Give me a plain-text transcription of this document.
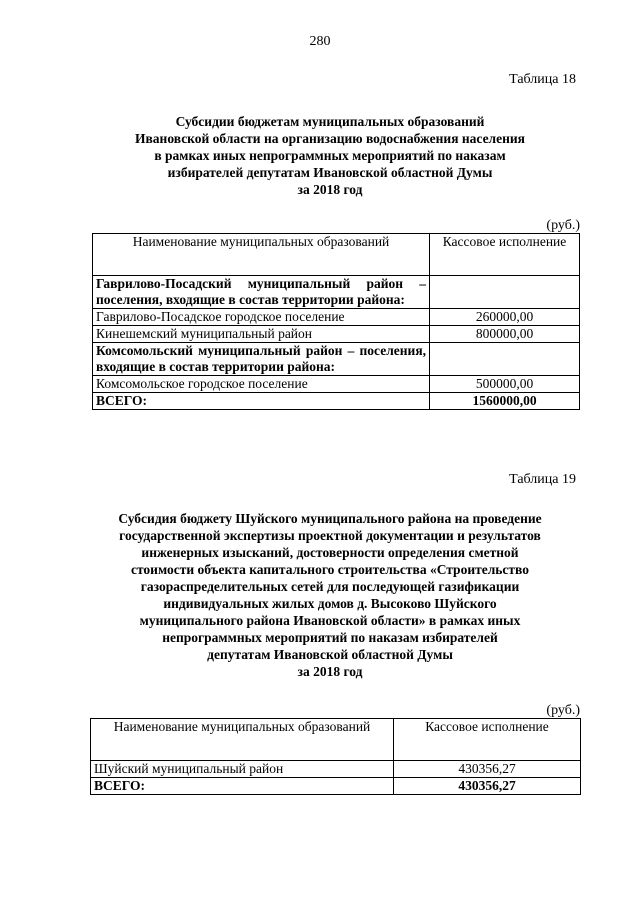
280
Таблица 18
Субсидии бюджетам муниципальных образований
Ивановской области на организацию водоснабжения населения
в рамках иных непрограммных мероприятий по наказам
избирателей депутатам Ивановской областной Думы
за 2018 год
(руб.)
Наименование муниципальных образований	Кассовое исполнение
Гаврилово-Посадский муниципальный район – поселения, входящие в состав территории района:	
Гаврилово-Посадское городское поселение	260000,00
Кинешемский муниципальный район	800000,00
Комсомольский муниципальный район – поселения, входящие в состав территории района:	
Комсомольское городское поселение	500000,00
ВСЕГО:	1560000,00
Таблица 19
Субсидия бюджету Шуйского муниципального района на проведение
государственной экспертизы проектной документации и результатов
инженерных изысканий, достоверности определения сметной
стоимости объекта капитального строительства «Строительство
газораспределительных сетей для последующей газификации
индивидуальных жилых домов д. Высоково Шуйского
муниципального района Ивановской области» в рамках иных
непрограммных мероприятий по наказам избирателей
депутатам Ивановской областной Думы
за 2018 год
(руб.)
Наименование муниципальных образований	Кассовое исполнение
Шуйский муниципальный район	430356,27
ВСЕГО:	430356,27
